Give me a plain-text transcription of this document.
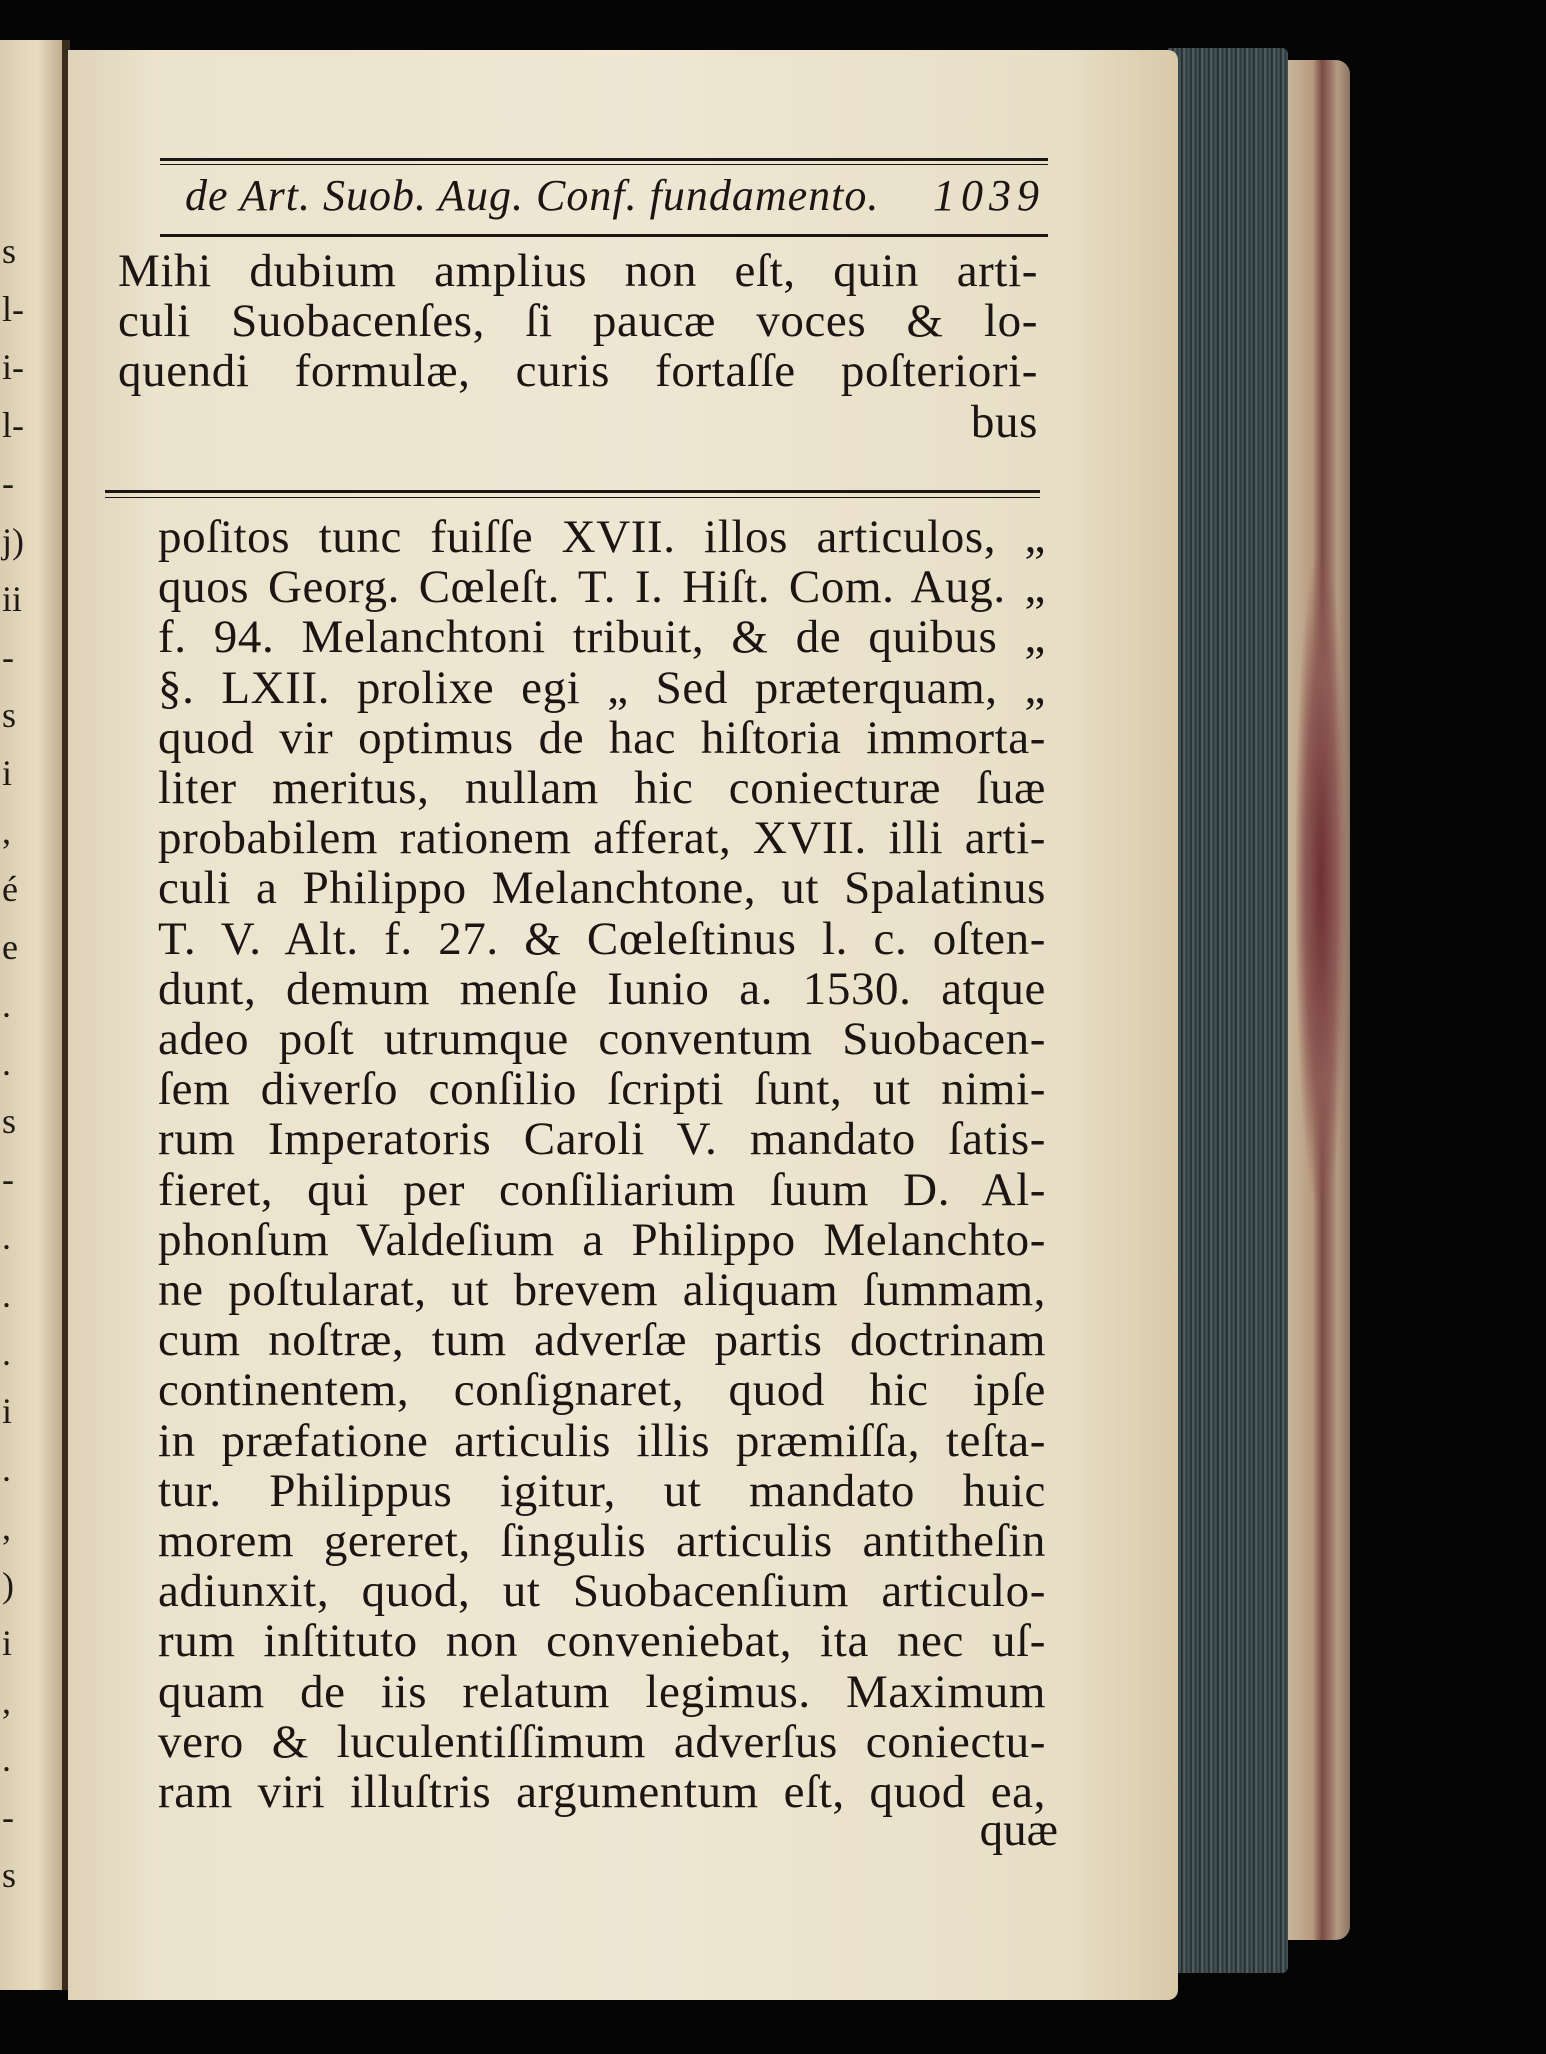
s
l-
i-
l-
-
j)
ii
-
s
i
,
é
e
.
.
s
-
.
.
.
i
.
,
)
i
,
.
-
s
de Art. Suob. Aug. Conf. fundamento. 1039
Mihi dubium amplius non eſt, quin arti-
culi Suobacenſes, ſi paucæ voces & lo-
quendi formulæ, curis fortaſſe poſteriori-
bus
poſitos tunc fuiſſe XVII. illos articulos, „
quos Georg. Cœleſt. T. I. Hiſt. Com. Aug. „
f. 94. Melanchtoni tribuit, & de quibus „
§. LXII. prolixe egi „ Sed præterquam, „
quod vir optimus de hac hiſtoria immorta-
liter meritus, nullam hic coniecturæ ſuæ
probabilem rationem afferat, XVII. illi arti-
culi a Philippo Melanchtone, ut Spalatinus
T. V. Alt. f. 27. & Cœleſtinus l. c. oſten-
dunt, demum menſe Iunio a. 1530. atque
adeo poſt utrumque conventum Suobacen-
ſem diverſo conſilio ſcripti ſunt, ut nimi-
rum Imperatoris Caroli V. mandato ſatis-
fieret, qui per conſiliarium ſuum D. Al-
phonſum Valdeſium a Philippo Melanchto-
ne poſtularat, ut brevem aliquam ſummam,
cum noſtræ, tum adverſæ partis doctrinam
continentem, conſignaret, quod hic ipſe
in præfatione articulis illis præmiſſa, teſta-
tur. Philippus igitur, ut mandato huic
morem gereret, ſingulis articulis antitheſin
adiunxit, quod, ut Suobacenſium articulo-
rum inſtituto non conveniebat, ita nec uſ-
quam de iis relatum legimus. Maximum
vero & luculentiſſimum adverſus coniectu-
ram viri illuſtris argumentum eſt, quod ea,
quæ
